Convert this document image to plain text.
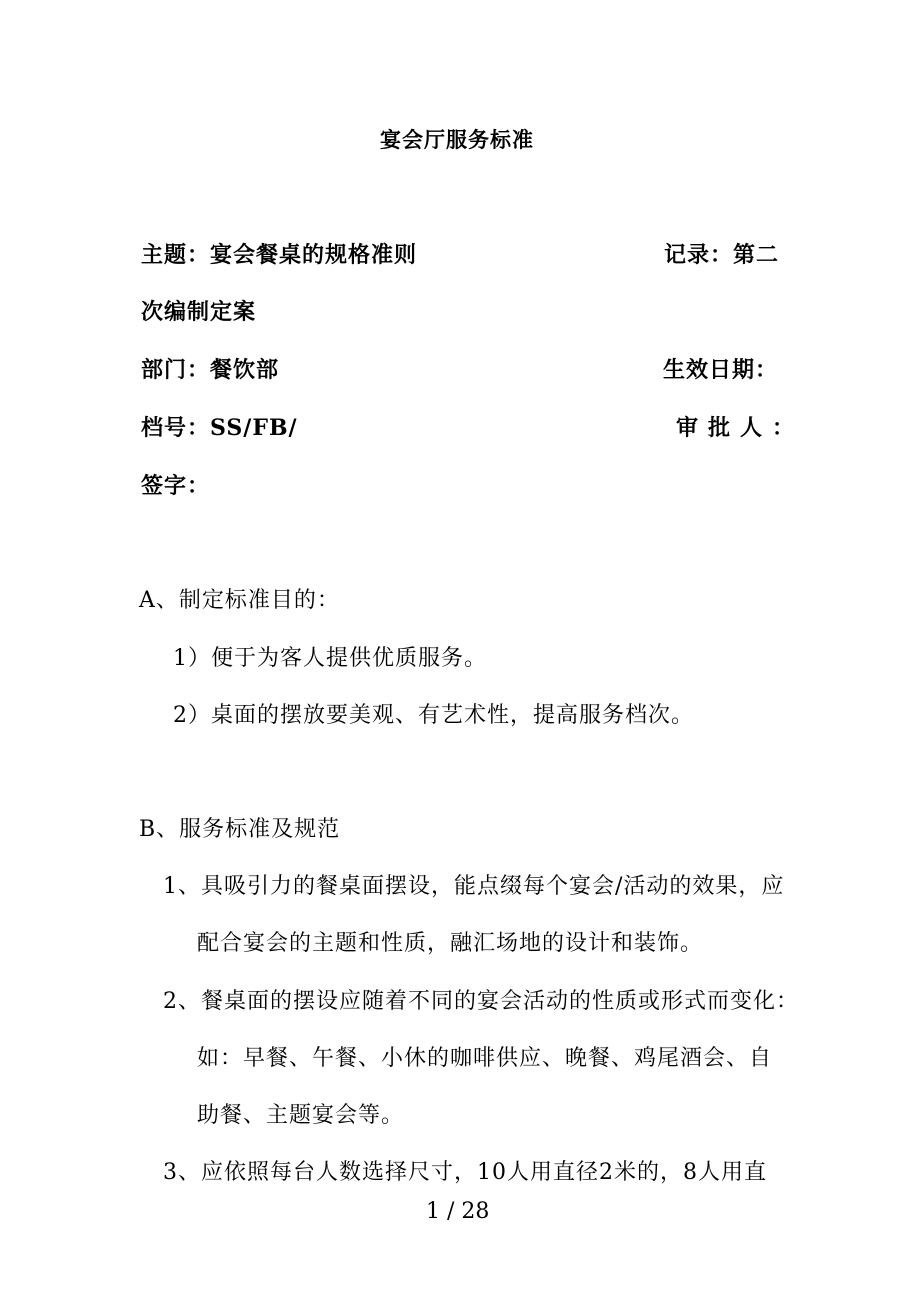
宴会厅服务标准
主题：宴会餐桌的规格准则	记录：第二
次编制定案
部门：餐饮部	生效日期：
档号：SS/FB/	审批人：
签字：
A、制定标准目的：
1）便于为客人提供优质服务。
2）桌面的摆放要美观、有艺术性，提高服务档次。
B、服务标准及规范
1、具吸引力的餐桌面摆设，能点缀每个宴会/活动的效果，应
配合宴会的主题和性质，融汇场地的设计和装饰。
2、餐桌面的摆设应随着不同的宴会活动的性质或形式而变化：
如：早餐、午餐、小休的咖啡供应、晚餐、鸡尾酒会、自
助餐、主题宴会等。
3、应依照每台人数选择尺寸，10人用直径2米的，8人用直
1 / 28
